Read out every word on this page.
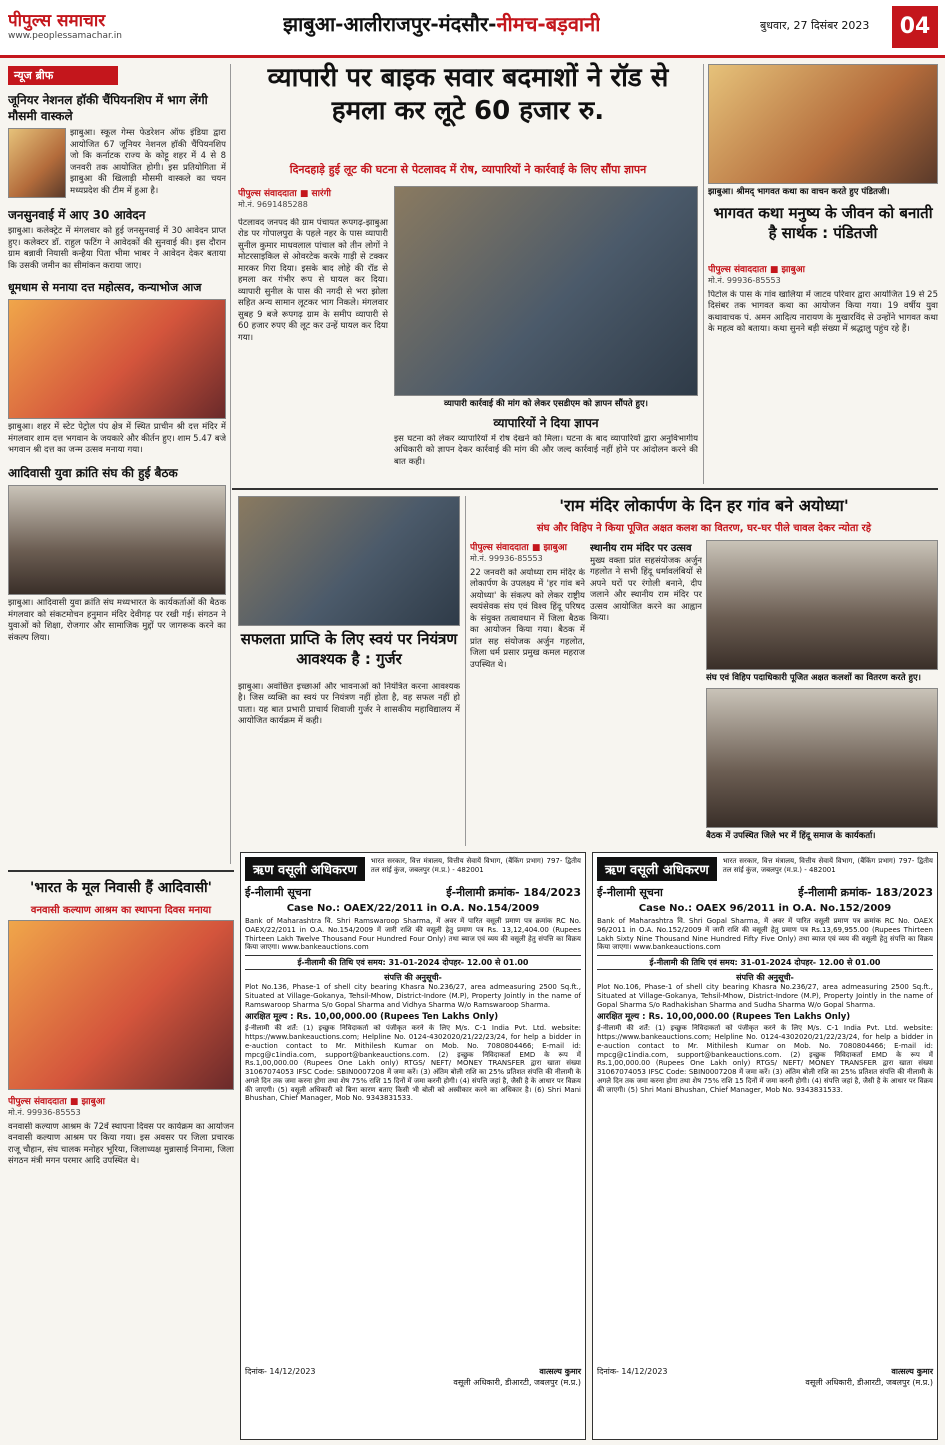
पीपुल्स समाचार
www.peoplessamachar.in	झाबुआ-आलीराजपुर-मंदसौर-नीमच-बड़वानी	बुधवार, 27 दिसंबर 2023	04
न्यूज ब्रीफ
जूनियर नेशनल हॉकी चैंपियनशिप में भाग लेंगी मौसमी वास्कले
झाबुआ। स्कूल गेम्स फेडरेशन ऑफ इंडिया द्वारा आयोजित 67 जूनियर नेशनल हॉकी चैंपियनशिप जो कि कर्नाटक राज्य के कोट्टू शहर में 4 से 8 जनवरी तक आयोजित होगी। इस प्रतियोगिता में झाबुआ की खिलाड़ी मौसमी वास्कले का चयन मध्यप्रदेश की टीम में हुआ है।
जनसुनवाई में आए 30 आवेदन
झाबुआ। कलेक्ट्रेट में मंगलवार को हुई जनसुनवाई में 30 आवेदन प्राप्त हुए। कलेक्टर डॉ. राहुल फटिंग ने आवेदकों की सुनवाई की। इस दौरान ग्राम बन्नावी नियासी कन्हैया पिता भीमा भाबर ने आवेदन देकर बताया कि उसकी जमीन का सीमांकन कराया जाए।
धूमधाम से मनाया दत्त महोत्सव, कन्याभोज आज
झाबुआ। शहर में स्टेट पेट्रोल पंप क्षेत्र में स्थित प्राचीन श्री दत्त मंदिर में मंगलवार शाम दत्त भगवान के जयकारे और कीर्तन हुए। शाम 5.47 बजे भगवान श्री दत्त का जन्म उत्सव मनाया गया।
आदिवासी युवा क्रांति संघ की हुई बैठक
झाबुआ। आदिवासी युवा क्रांति संघ मध्यभारत के कार्यकर्ताओं की बैठक मंगलवार को संकटमोचन हनुमान मंदिर देवीगढ़ पर रखी गई। संगठन ने युवाओं को शिक्षा, रोजगार और सामाजिक मुद्दों पर जागरूक करने का संकल्प लिया।
व्यापारी पर बाइक सवार बदमाशों ने रॉड से हमला कर लूटे 60 हजार रु.
दिनदहाड़े हुई लूट की घटना से पेटलावद में रोष, व्यापारियों ने कार्रवाई के लिए सौंपा ज्ञापन
पीपुल्स संवाददाता ■ सारंगी
मो.नं. 9691485288
पेटलावद जनपद की ग्राम पंचायत रूपगढ़-झाबुआ रोड पर गोपालपुरा के पहले नहर के पास व्यापारी सुनील कुमार माधवलाल पांचाल को तीन लोगों ने मोटरसाइकिल से ओवरटेक करके गाड़ी से टक्कर मारकर गिरा दिया। इसके बाद लोहे की रॉड से हमला कर गंभीर रूप से घायल कर दिया। व्यापारी सुनील के पास की नगदी से भरा झोला सहित अन्य सामान लूटकर भाग निकले। मंगलवार सुबह 9 बजे रूपगढ़ ग्राम के समीप व्यापारी से 60 हजार रुपए की लूट कर उन्हें घायल कर दिया गया।
व्यापारी कार्रवाई की मांग को लेकर एसडीएम को ज्ञापन सौंपते हुए।
व्यापारियों ने दिया ज्ञापन
इस घटना को लेकर व्यापारियों में रोष देखने को मिला। घटना के बाद व्यापारियों द्वारा अनुविभागीय अधिकारी को ज्ञापन देकर कार्रवाई की मांग की और जल्द कार्रवाई नहीं होने पर आंदोलन करने की बात कही।
झाबुआ। श्रीमद् भागवत कथा का वाचन करते हुए पंडितजी।
भागवत कथा मनुष्य के जीवन को बनाती है सार्थक : पंडितजी
पीपुल्स संवाददाता ■ झाबुआ
मो.नं. 99936-85553
पिटोल के पास के गांव खालिया में जाटव परिवार द्वारा आयोजित 19 से 25 दिसंबर तक भागवत कथा का आयोजन किया गया। 19 वर्षीय युवा कथावाचक पं. अमन आदित्य नारायण के मुखारविंद से उन्होंने भागवत कथा के महत्व को बताया। कथा सुनने बड़ी संख्या में श्रद्धालु पहुंच रहे हैं।
सफलता प्राप्ति के लिए स्वयं पर नियंत्रण आवश्यक है : गुर्जर
झाबुआ। अवांछित इच्छाओं और भावनाओं को नियंत्रित करना आवश्यक है। जिस व्यक्ति का स्वयं पर नियंत्रण नहीं होता है, वह सफल नहीं हो पाता। यह बात प्रभारी प्राचार्य शिवाजी गुर्जर ने शासकीय महाविद्यालय में आयोजित कार्यक्रम में कही।
'राम मंदिर लोकार्पण के दिन हर गांव बने अयोध्या'
संघ और विहिप ने किया पूजित अक्षत कलश का वितरण, घर-घर पीले चावल देकर न्योता रहे
पीपुल्स संवाददाता ■ झाबुआ
मो.नं. 99936-85553
22 जनवरी को अयोध्या राम मंदिर के लोकार्पण के उपलक्ष्य में 'हर गांव बने अयोध्या' के संकल्प को लेकर राष्ट्रीय स्वयंसेवक संघ एवं विश्व हिंदू परिषद के संयुक्त तत्वावधान में जिला बैठक का आयोजन किया गया। बैठक में प्रांत सह संयोजक अर्जुन गहलोत, जिला धर्म प्रसार प्रमुख कमल महराज उपस्थित थे।
स्थानीय राम मंदिर पर उत्सव
मुख्य वक्ता प्रांत सहसंयोजक अर्जुन गहलोत ने सभी हिंदू धर्मावलंबियों से अपने घरों पर रंगोली बनाने, दीप जलाने और स्थानीय राम मंदिर पर उत्सव आयोजित करने का आह्वान किया।
संघ एवं विहिप पदाधिकारी पूजित अक्षत कलशों का वितरण करते हुए।
बैठक में उपस्थित जिले भर में हिंदू समाज के कार्यकर्ता।
'भारत के मूल निवासी हैं आदिवासी'
वनवासी कल्याण आश्रम का स्थापना दिवस मनाया
पीपुल्स संवाददाता ■ झाबुआ
मो.नं. 99936-85553
वनवासी कल्याण आश्रम के 72वें स्थापना दिवस पर कार्यक्रम का आयोजन वनवासी कल्याण आश्रम पर किया गया। इस अवसर पर जिला प्रचारक राजू चौहान, संघ चालक मनोहर भूरिया, जिलाध्यक्ष मुन्नासाई निनामा, जिला संगठन मंत्री मगन परमार आदि उपस्थित थे।
ऋण वसूली अधिकरण
भारत सरकार, वित्त मंत्रालय, वित्तीय सेवायें विभाग, (बैंकिंग प्रभाग) 797- द्वितीय तल सांई कुंज, जबलपुर (म.प्र.) - 482001
ई-नीलामी सूचना	ई-नीलामी क्रमांक- 184/2023
Case No.: OAEX/22/2011 in O.A. No.154/2009
Bank of Maharashtra वि. Shri Ramswaroop Sharma, में अवर में पारित वसूली प्रमाण पत्र क्रमांक RC No. OAEX/22/2011 in O.A. No.154/2009 में जारी राशि की वसूली हेतु प्रमाण पत्र Rs. 13,12,404.00 (Rupees Thirteen Lakh Twelve Thousand Four Hundred Four Only) तथा ब्याज एवं व्यय की वसूली हेतु संपत्ति का विक्रय किया जाएगा। www.bankeauctions.com
ई-नीलामी की तिथि एवं समय: 31-01-2024 दोपहर- 12.00 से 01.00
संपत्ति की अनुसूची-
Plot No.136, Phase-1 of shell city bearing Khasra No.236/27, area admeasuring 2500 Sq.ft., Situated at Village-Gokanya, Tehsil-Mhow, District-Indore (M.P), Property Jointly in the name of Ramswaroop Sharma S/o Gopal Sharma and Vidhya Sharma W/o Ramswaroop Sharma.
आरक्षित मूल्य : Rs. 10,00,000.00 (Rupees Ten Lakhs Only)
ई-नीलामी की शर्तें: (1) इच्छुक निविदाकर्ता को पंजीकृत करने के लिए M/s. C-1 India Pvt. Ltd. website: https://www.bankeauctions.com; Helpline No. 0124-4302020/21/22/23/24, for help a bidder in e-auction contact to Mr. Mithilesh Kumar on Mob. No. 7080804466; E-mail id: mpcg@c1india.com, support@bankeauctions.com. (2) इच्छुक निविदाकर्ता EMD के रूप में Rs.1,00,000.00 (Rupees One Lakh only) RTGS/ NEFT/ MONEY TRANSFER द्वारा खाता संख्या 31067074053 IFSC Code: SBIN0007208 में जमा करें। (3) अंतिम बोली राशि का 25% प्रतिशत संपत्ति की नीलामी के अगले दिन तक जमा करना होगा तथा शेष 75% राशि 15 दिनों में जमा करनी होगी। (4) संपत्ति जहां है, जैसी है के आधार पर विक्रय की जाएगी। (5) वसूली अधिकारी को बिना कारण बताए किसी भी बोली को अस्वीकार करने का अधिकार है। (6) Shri Mani Bhushan, Chief Manager, Mob No. 9343831533.
दिनांक- 14/12/2023	वात्सल्य कुमार
वसूली अधिकारी, डीआरटी, जबलपुर (म.प्र.)
ऋण वसूली अधिकरण
भारत सरकार, वित्त मंत्रालय, वित्तीय सेवायें विभाग, (बैंकिंग प्रभाग) 797- द्वितीय तल सांई कुंज, जबलपुर (म.प्र.) - 482001
ई-नीलामी सूचना	ई-नीलामी क्रमांक- 183/2023
Case No.: OAEX 96/2011 in O.A. No.152/2009
Bank of Maharashtra वि. Shri Gopal Sharma, में अवर में पारित वसूली प्रमाण पत्र क्रमांक RC No. OAEX 96/2011 in O.A. No.152/2009 में जारी राशि की वसूली हेतु प्रमाण पत्र Rs.13,69,955.00 (Rupees Thirteen Lakh Sixty Nine Thousand Nine Hundred Fifty Five Only) तथा ब्याज एवं व्यय की वसूली हेतु संपत्ति का विक्रय किया जाएगा। www.bankeauctions.com
ई-नीलामी की तिथि एवं समय: 31-01-2024 दोपहर- 12.00 से 01.00
संपत्ति की अनुसूची-
Plot No.106, Phase-1 of shell city bearing Khasra No.236/27, area admeasuring 2500 Sq.ft., Situated at Village-Gokanya, Tehsil-Mhow, District-Indore (M.P), Property Jointly in the name of Gopal Sharma S/o Radhakishan Sharma and Sudha Sharma W/o Gopal Sharma.
आरक्षित मूल्य : Rs. 10,00,000.00 (Rupees Ten Lakhs Only)
ई-नीलामी की शर्तें: (1) इच्छुक निविदाकर्ता को पंजीकृत करने के लिए M/s. C-1 India Pvt. Ltd. website: https://www.bankeauctions.com; Helpline No. 0124-4302020/21/22/23/24, for help a bidder in e-auction contact to Mr. Mithilesh Kumar on Mob. No. 7080804466; E-mail id: mpcg@c1india.com, support@bankeauctions.com. (2) इच्छुक निविदाकर्ता EMD के रूप में Rs.1,00,000.00 (Rupees One Lakh only) RTGS/ NEFT/ MONEY TRANSFER द्वारा खाता संख्या 31067074053 IFSC Code: SBIN0007208 में जमा करें। (3) अंतिम बोली राशि का 25% प्रतिशत संपत्ति की नीलामी के अगले दिन तक जमा करना होगा तथा शेष 75% राशि 15 दिनों में जमा करनी होगी। (4) संपत्ति जहां है, जैसी है के आधार पर विक्रय की जाएगी। (5) Shri Mani Bhushan, Chief Manager, Mob No. 9343831533.
दिनांक- 14/12/2023	वात्सल्य कुमार
वसूली अधिकारी, डीआरटी, जबलपुर (म.प्र.)
